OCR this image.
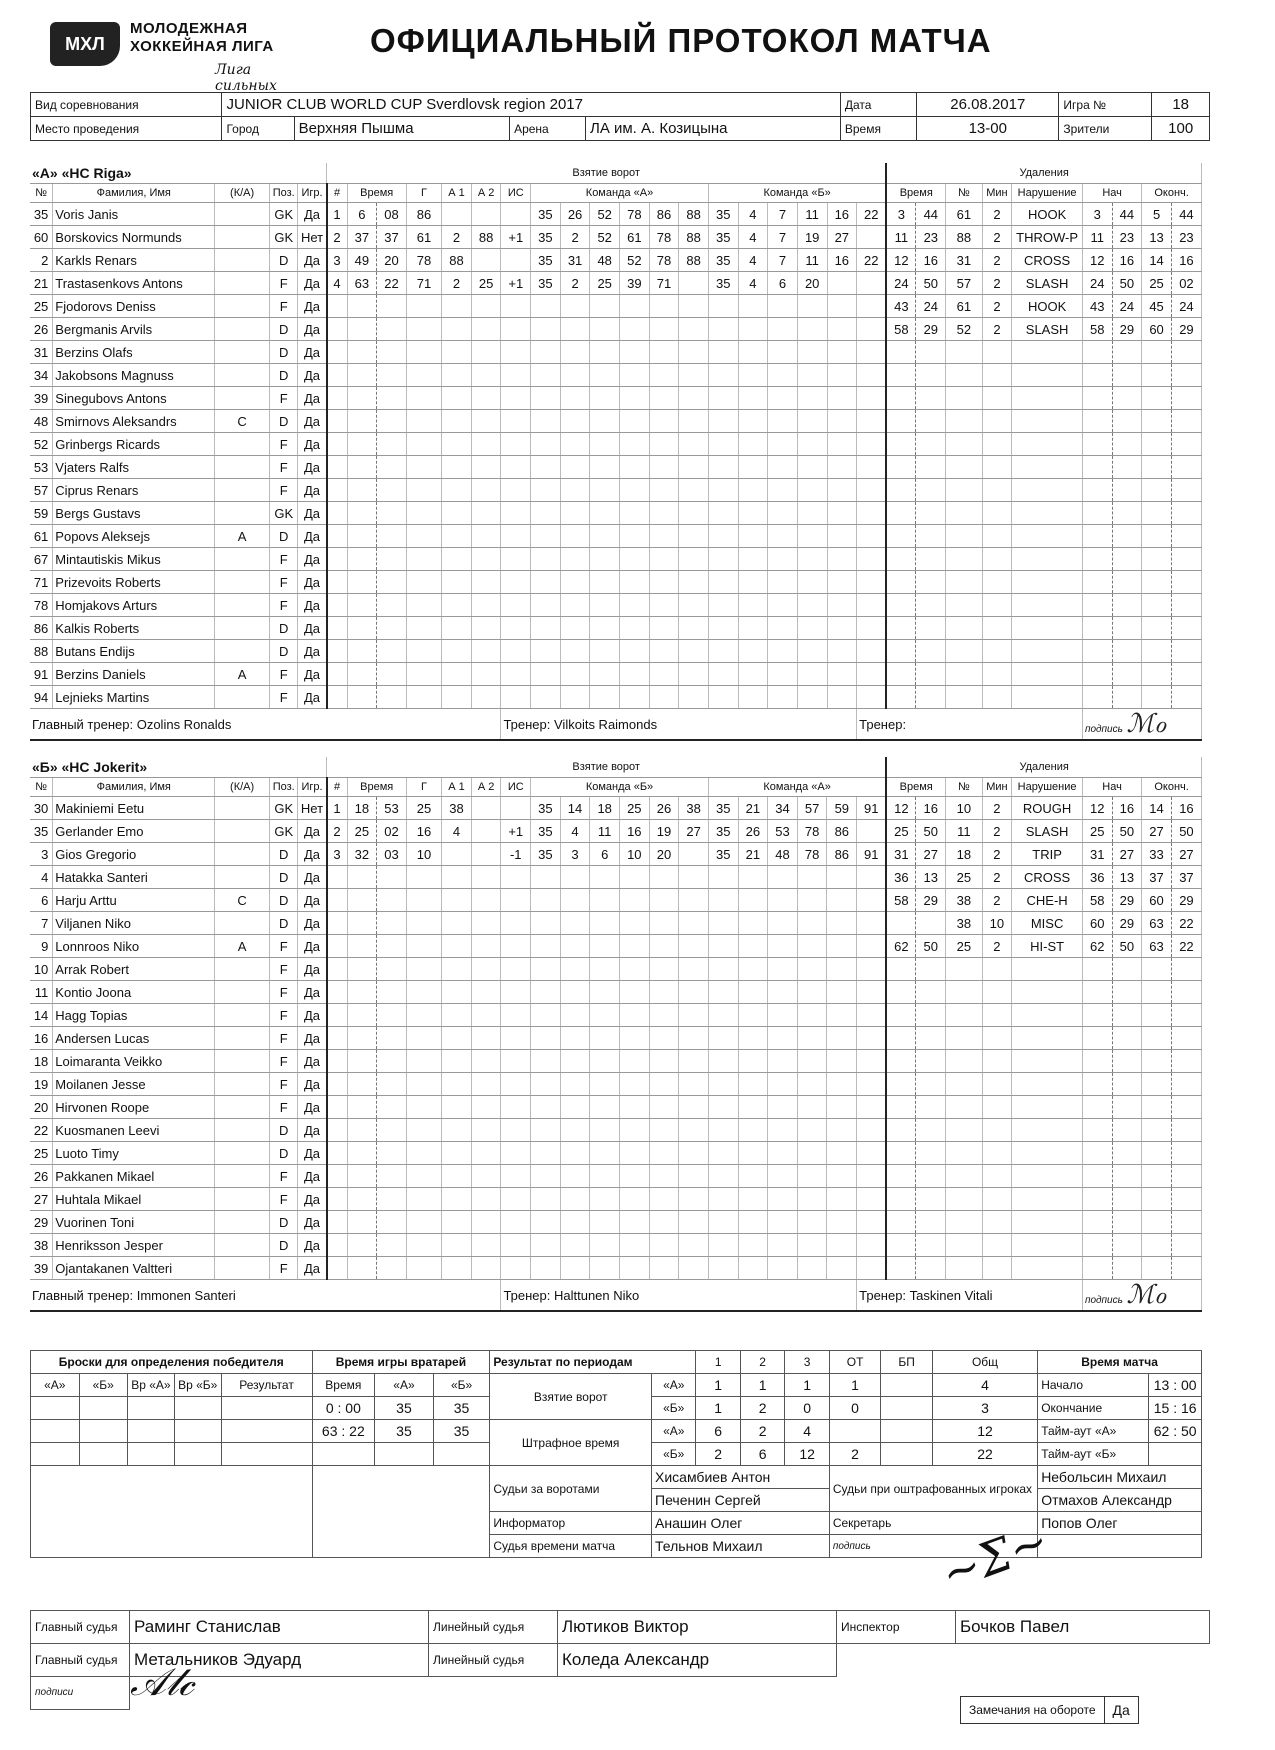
МХЛ
МОЛОДЕЖНАЯ
ХОККЕЙНАЯ ЛИГА
Лига сильных
ОФИЦИАЛЬНЫЙ ПРОТОКОЛ МАТЧА
Вид соревнования	JUNIOR CLUB WORLD CUP Sverdlovsk region 2017				Дата	26.08.2017	Игра №	18
Место проведения	Город	Верхняя Пышма	Арена	ЛА им. А. Козицына	Время	13-00	Зрители	100
«А» «HC Riga»					Взятие ворот																			Удаления								
№	Фамилия, Имя	(К/А)	Поз.	Игр.	#	Время		Г	А 1	А 2	ИС	Команда «А»						Команда «Б»						Время		№	Мин	Нарушение	Нач		Оконч.	
35	Voris Janis		GK	Да	1	6	08	86				35	26	52	78	86	88	35	4	7	11	16	22	3	44	61	2	HOOK	3	44	5	44
60	Borskovics Normunds		GK	Нет	2	37	37	61	2	88	+1	35	2	52	61	78	88	35	4	7	19	27		11	23	88	2	THROW-P	11	23	13	23
2	Karkls Renars		D	Да	3	49	20	78	88			35	31	48	52	78	88	35	4	7	11	16	22	12	16	31	2	CROSS	12	16	14	16
21	Trastasenkovs Antons		F	Да	4	63	22	71	2	25	+1	35	2	25	39	71		35	4	6	20			24	50	57	2	SLASH	24	50	25	02
25	Fjodorovs Deniss		F	Да																				43	24	61	2	HOOK	43	24	45	24
26	Bergmanis Arvils		D	Да																				58	29	52	2	SLASH	58	29	60	29
31	Berzins Olafs		D	Да																												
34	Jakobsons Magnuss		D	Да																												
39	Sinegubovs Antons		F	Да																												
48	Smirnovs Aleksandrs	C	D	Да																												
52	Grinbergs Ricards		F	Да																												
53	Vjaters Ralfs		F	Да																												
57	Ciprus Renars		F	Да																												
59	Bergs Gustavs		GK	Да																												
61	Popovs Aleksejs	A	D	Да																												
67	Mintautiskis Mikus		F	Да																												
71	Prizevoits Roberts		F	Да																												
78	Homjakovs Arturs		F	Да																												
86	Kalkis Roberts		D	Да																												
88	Butans Endijs		D	Да																												
91	Berzins Daniels	A	F	Да																												
94	Lejnieks Martins		F	Да																												
Главный тренер: Ozolins Ronalds											Тренер: Vilkoits Raimonds												Тренер:						подпись ℳℴ			
«Б» «HC Jokerit»					Взятие ворот																			Удаления								
№	Фамилия, Имя	(К/А)	Поз.	Игр.	#	Время		Г	А 1	А 2	ИС	Команда «Б»						Команда «А»						Время		№	Мин	Нарушение	Нач		Оконч.	
30	Makiniemi Eetu		GK	Нет	1	18	53	25	38			35	14	18	25	26	38	35	21	34	57	59	91	12	16	10	2	ROUGH	12	16	14	16
35	Gerlander Emo		GK	Да	2	25	02	16	4		+1	35	4	11	16	19	27	35	26	53	78	86		25	50	11	2	SLASH	25	50	27	50
3	Gios Gregorio		D	Да	3	32	03	10			-1	35	3	6	10	20		35	21	48	78	86	91	31	27	18	2	TRIP	31	27	33	27
4	Hatakka Santeri		D	Да																				36	13	25	2	CROSS	36	13	37	37
6	Harju Arttu	C	D	Да																				58	29	38	2	CHE-H	58	29	60	29
7	Viljanen Niko		D	Да																						38	10	MISC	60	29	63	22
9	Lonnroos Niko	A	F	Да																				62	50	25	2	HI-ST	62	50	63	22
10	Arrak Robert		F	Да																												
11	Kontio Joona		F	Да																												
14	Hagg Topias		F	Да																												
16	Andersen Lucas		F	Да																												
18	Loimaranta Veikko		F	Да																												
19	Moilanen Jesse		F	Да																												
20	Hirvonen Roope		F	Да																												
22	Kuosmanen Leevi		D	Да																												
25	Luoto Timy		D	Да																												
26	Pakkanen Mikael		F	Да																												
27	Huhtala Mikael		F	Да																												
29	Vuorinen Toni		D	Да																												
38	Henriksson Jesper		D	Да																												
39	Ojantakanen Valtteri		F	Да																												
Главный тренер: Immonen Santeri											Тренер: Halttunen Niko												Тренер: Taskinen Vitali						подпись ℳℴ			
Броски для определения победителя					Время игры вратарей			Результат по периодам		1	2	3	ОТ	БП	Общ	Время матча	
«А»	«Б»	Вр «А»	Вр «Б»	Результат	Время	«А»	«Б»	Взятие ворот	«А»	1	1	1	1		4	Начало	13 : 00
					0 : 00	35	35		«Б»	1	2	0	0		3	Окончание	15 : 16
					63 : 22	35	35	Штрафное время	«А»	6	2	4			12	Тайм-аут «А»	62 : 50
									«Б»	2	6	12	2		22	Тайм-аут «Б»	
								Судьи за воротами	Хисамбиев Антон				Судьи при оштрафованных игроках			Небольсин Михаил	
									Печенин Сергей							Отмахов Александр	
								Информатор	Анашин Олег				Секретарь			Попов Олег	
								Судья времени матча	Тельнов Михаил				подпись				~Ʃ~
Главный судья	Раминг Станислав	Линейный судья	Лютиков Виктор	Инспектор	Бочков Павел
Главный судья	Метальников Эдуард	Линейный судья	Коледа Александр		
подписи					𝒜𝓁𝒸
Замечания на обороте	Да
